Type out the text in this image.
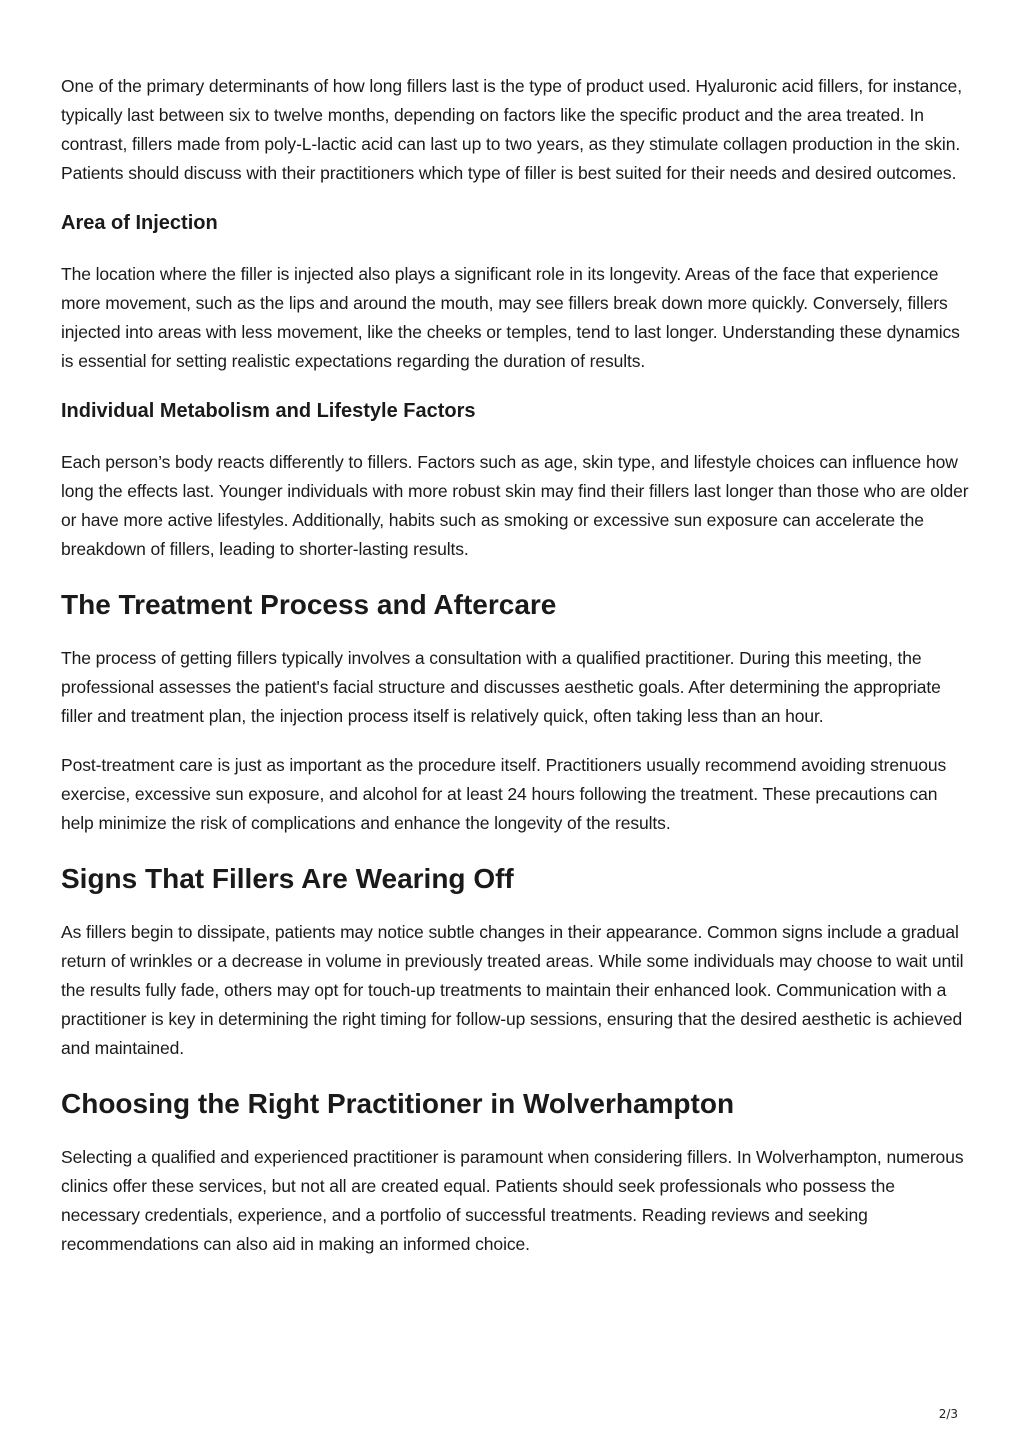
One of the primary determinants of how long fillers last is the type of product used. Hyaluronic acid fillers, for instance, typically last between six to twelve months, depending on factors like the specific product and the area treated. In contrast, fillers made from poly-L-lactic acid can last up to two years, as they stimulate collagen production in the skin. Patients should discuss with their practitioners which type of filler is best suited for their needs and desired outcomes.

Area of Injection

The location where the filler is injected also plays a significant role in its longevity. Areas of the face that experience more movement, such as the lips and around the mouth, may see fillers break down more quickly. Conversely, fillers injected into areas with less movement, like the cheeks or temples, tend to last longer. Understanding these dynamics is essential for setting realistic expectations regarding the duration of results.

Individual Metabolism and Lifestyle Factors

Each person’s body reacts differently to fillers. Factors such as age, skin type, and lifestyle choices can influence how long the effects last. Younger individuals with more robust skin may find their fillers last longer than those who are older or have more active lifestyles. Additionally, habits such as smoking or excessive sun exposure can accelerate the breakdown of fillers, leading to shorter-lasting results.

The Treatment Process and Aftercare

The process of getting fillers typically involves a consultation with a qualified practitioner. During this meeting, the professional assesses the patient's facial structure and discusses aesthetic goals. After determining the appropriate filler and treatment plan, the injection process itself is relatively quick, often taking less than an hour.

Post-treatment care is just as important as the procedure itself. Practitioners usually recommend avoiding strenuous exercise, excessive sun exposure, and alcohol for at least 24 hours following the treatment. These precautions can help minimize the risk of complications and enhance the longevity of the results.

Signs That Fillers Are Wearing Off

As fillers begin to dissipate, patients may notice subtle changes in their appearance. Common signs include a gradual return of wrinkles or a decrease in volume in previously treated areas. While some individuals may choose to wait until the results fully fade, others may opt for touch-up treatments to maintain their enhanced look. Communication with a practitioner is key in determining the right timing for follow-up sessions, ensuring that the desired aesthetic is achieved and maintained.

Choosing the Right Practitioner in Wolverhampton

Selecting a qualified and experienced practitioner is paramount when considering fillers. In Wolverhampton, numerous clinics offer these services, but not all are created equal. Patients should seek professionals who possess the necessary credentials, experience, and a portfolio of successful treatments. Reading reviews and seeking recommendations can also aid in making an informed choice.

2/3
